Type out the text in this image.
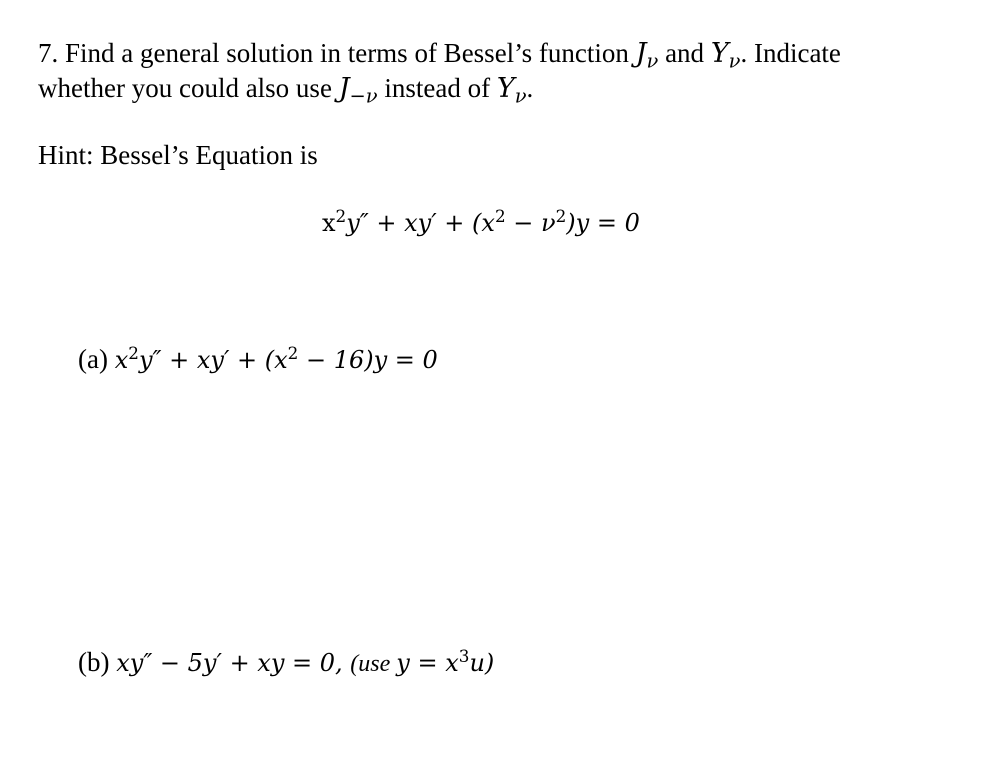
7. Find a general solution in terms of Bessel’s function $J_\nu$ and $Y_\nu$. Indicate
whether you could also use $J_{-\nu}$ instead of $Y_\nu$.
Hint: Bessel’s Equation is
$x^2y'' + xy' + (x^2 - \nu^2)y = 0$
(a) $x^2y'' + xy' + (x^2 - 16)y = 0$
(b) xy″ − 5y′ + xy = 0, (use $y = x^3u$)
